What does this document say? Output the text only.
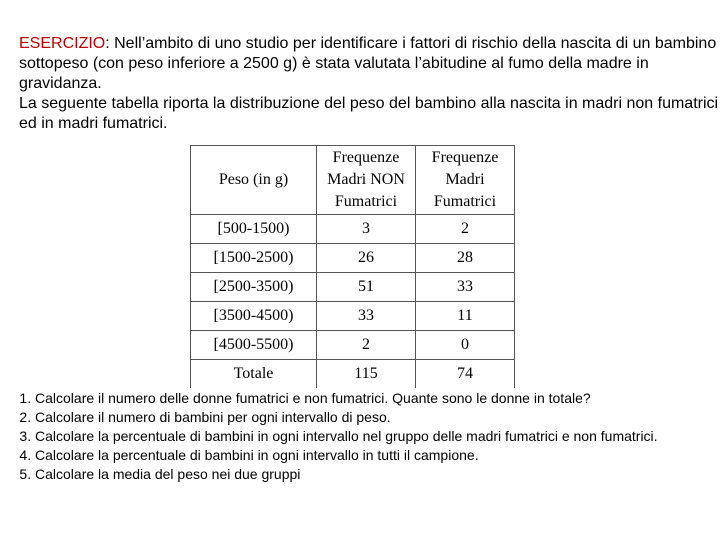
ESERCIZIO: Nell’ambito di uno studio per identificare i fattori di rischio della nascita di un bambino sottopeso (con peso inferiore a 2500 g) è stata valutata l’abitudine al fumo della madre in gravidanza.

La seguente tabella riporta la distribuzione del peso del bambino alla nascita in madri non fumatrici ed in madri fumatrici.

Peso (in g)	Frequenze Madri NON Fumatrici	Frequenze Madri Fumatrici
[500-1500)	3	2
[1500-2500)	26	28
[2500-3500)	51	33
[3500-4500)	33	11
[4500-5500)	2	0
Totale	115	74
1. Calcolare il numero delle donne fumatrici e non fumatrici. Quante sono le donne in totale?
2. Calcolare il numero di bambini per ogni intervallo di peso.
3. Calcolare la percentuale di bambini in ogni intervallo nel gruppo delle madri fumatrici e non fumatrici.
4. Calcolare la percentuale di bambini in ogni intervallo in tutti il campione.
5. Calcolare la media del peso nei due gruppi
